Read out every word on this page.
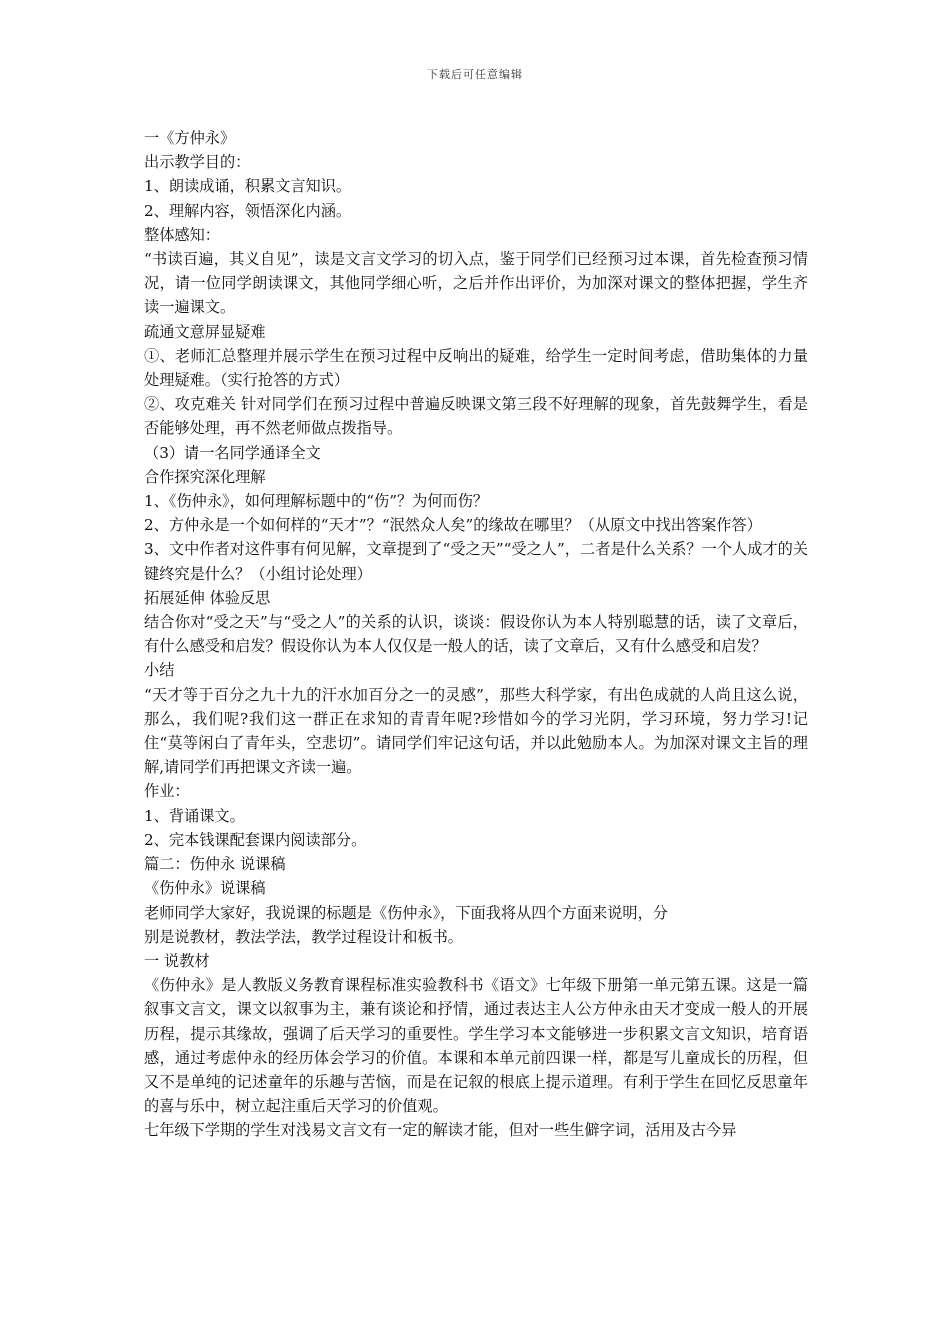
下载后可任意编辑

一《方仲永》

出示教学目的：

1、朗读成诵，积累文言知识。

2、理解内容，领悟深化内涵。

整体感知：

“书读百遍，其义自见”，读是文言文学习的切入点，鉴于同学们已经预习过本课，首先检查预习情况，请一位同学朗读课文，其他同学细心听，之后并作出评价，为加深对课文的整体把握，学生齐读一遍课文。

疏通文意屏显疑难

①、老师汇总整理并展示学生在预习过程中反响出的疑难，给学生一定时间考虑，借助集体的力量处理疑难。（实行抢答的方式）

②、攻克难关 针对同学们在预习过程中普遍反映课文第三段不好理解的现象，首先鼓舞学生，看是否能够处理，再不然老师做点拨指导。

（3）请一名同学通译全文

合作探究深化理解

1、《伤仲永》，如何理解标题中的“伤”？为何而伤？

2、方仲永是一个如何样的“天才”？“泯然众人矣”的缘故在哪里？（从原文中找出答案作答）

3、文中作者对这件事有何见解，文章提到了“受之天”“受之人”，二者是什么关系？一个人成才的关键终究是什么？（小组讨论处理）

拓展延伸 体验反思

结合你对“受之天”与“受之人”的关系的认识，谈谈：假设你认为本人特别聪慧的话，读了文章后，有什么感受和启发？假设你认为本人仅仅是一般人的话，读了文章后，又有什么感受和启发？

小结

“天才等于百分之九十九的汗水加百分之一的灵感”，那些大科学家，有出色成就的人尚且这么说，那么，我们呢?我们这一群正在求知的青青年呢?珍惜如今的学习光阴，学习环境，努力学习!记住“莫等闲白了青年头，空悲切”。请同学们牢记这句话，并以此勉励本人。为加深对课文主旨的理解,请同学们再把课文齐读一遍。

作业：

1、背诵课文。

2、完本钱课配套课内阅读部分。

篇二：伤仲永 说课稿

《伤仲永》说课稿

老师同学大家好，我说课的标题是《伤仲永》，下面我将从四个方面来说明，分

别是说教材，教法学法，教学过程设计和板书。

一 说教材

《伤仲永》是人教版义务教育课程标准实验教科书《语文》七年级下册第一单元第五课。这是一篇叙事文言文，课文以叙事为主，兼有谈论和抒情，通过表达主人公方仲永由天才变成一般人的开展历程，提示其缘故，强调了后天学习的重要性。学生学习本文能够进一步积累文言文知识，培育语感，通过考虑仲永的经历体会学习的价值。本课和本单元前四课一样，都是写儿童成长的历程，但又不是单纯的记述童年的乐趣与苦恼，而是在记叙的根底上提示道理。有利于学生在回忆反思童年的喜与乐中，树立起注重后天学习的价值观。

七年级下学期的学生对浅易文言文有一定的解读才能，但对一些生僻字词，活用及古今异
